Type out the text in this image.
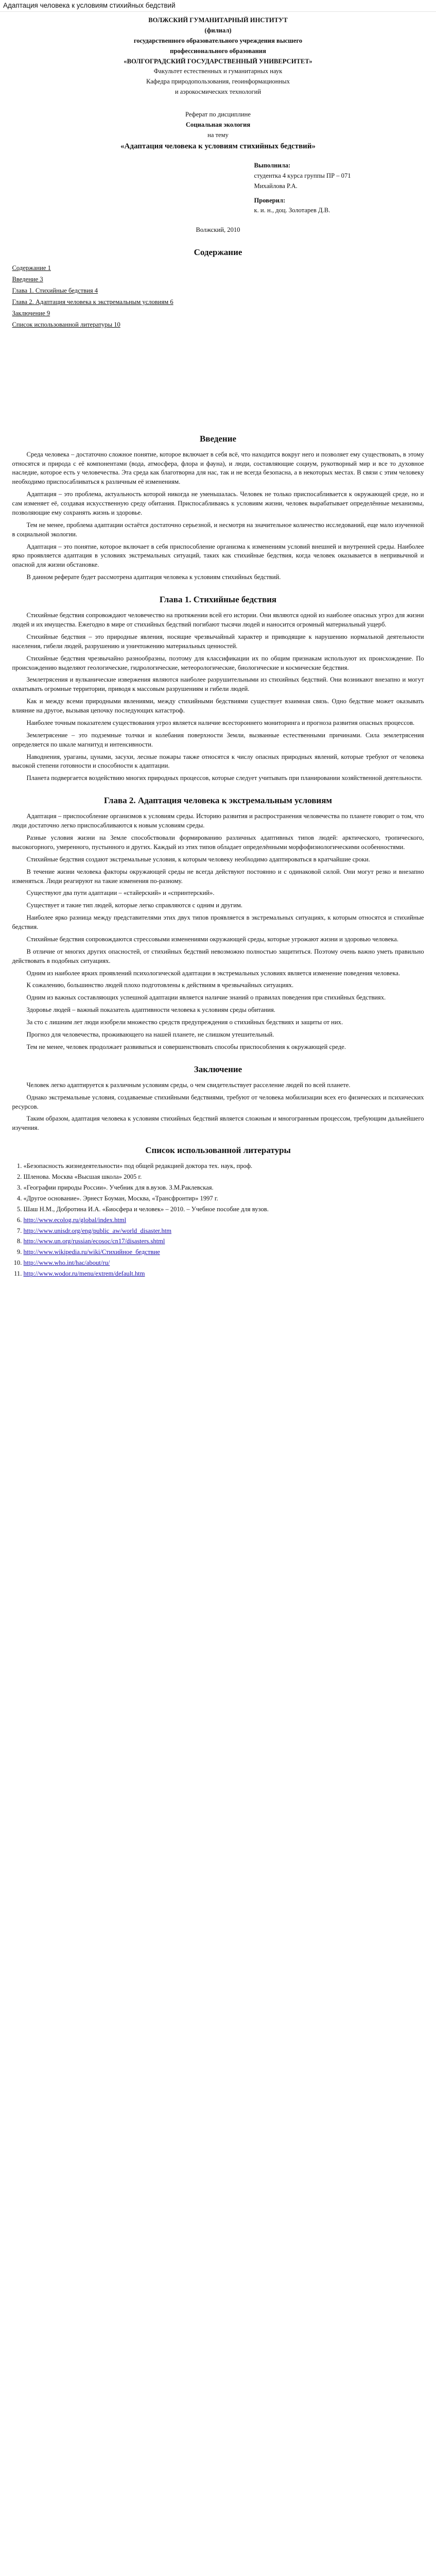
Адаптация человека к условиям стихийных бедствий

ВОЛЖСКИЙ ГУМАНИТАРНЫЙ ИНСТИТУТ

(филиал)

государственного образовательного учреждения высшего

профессионального образования

«ВОЛГОГРАДСКИЙ ГОСУДАРСТВЕННЫЙ УНИВЕРСИТЕТ»

Факультет естественных и гуманитарных наук

Кафедра природопользования, геоинформационных

и аэрокосмических технологий

Реферат по дисциплине

Социальная экология

на тему

«Адаптация человека к условиям стихийных бедствий»

Выполнила:

студентка 4 курса группы ПР – 071

Михайлова Р.А.

Проверил:

к. и. н., доц. Золотарев Д.В.

Волжский, 2010
Содержание
Содержание 1
Введение 3
Глава 1. Стихийные бедствия 4
Глава 2. Адаптация человека к экстремальным условиям 6
Заключение 9
Список использованной литературы 10
Введение

Среда человека – достаточно сложное понятие, которое включает в себя всё, что находится вокруг него и позволяет ему существовать, в этому относятся и природа с её компонентами (вода, атмосфера, флора и фауна), и люди, составляющие социум, рукотворный мир и все то духовное наследие, которое есть у человечества. Эта среда как благотворна для нас, так и не всегда безопасна, а в некоторых местах. В связи с этим человеку необходимо приспосабливаться к различным её изменениям.

Адаптация – это проблема, актуальность которой никогда не уменьшалась. Человек не только приспосабливается к окружающей среде, но и сам изменяет её, создавая искусственную среду обитания. Приспосабливаясь к условиям жизни, человек вырабатывает определённые механизмы, позволяющие ему сохранять жизнь и здоровье.

Тем не менее, проблема адаптации остаётся достаточно серьезной, и несмотря на значительное количество исследований, еще мало изученной в социальной экологии.

Адаптация – это понятие, которое включает в себя приспособление организма к изменениям условий внешней и внутренней среды. Наиболее ярко проявляется адаптация в условиях экстремальных ситуаций, таких как стихийные бедствия, когда человек оказывается в непривычной и опасной для жизни обстановке.

В данном реферате будет рассмотрена адаптация человека к условиям стихийных бедствий.

Глава 1. Стихийные бедствия

Стихийные бедствия сопровождают человечество на протяжении всей его истории. Они являются одной из наиболее опасных угроз для жизни людей и их имущества. Ежегодно в мире от стихийных бедствий погибают тысячи людей и наносится огромный материальный ущерб.

Стихийные бедствия – это природные явления, носящие чрезвычайный характер и приводящие к нарушению нормальной деятельности населения, гибели людей, разрушению и уничтожению материальных ценностей.

Стихийные бедствия чрезвычайно разнообразны, поэтому для классификации их по общим признакам используют их происхождение. По происхождению выделяют геологические, гидрологические, метеорологические, биологические и космические бедствия.

Землетрясения и вулканические извержения являются наиболее разрушительными из стихийных бедствий. Они возникают внезапно и могут охватывать огромные территории, приводя к массовым разрушениям и гибели людей.

Как и между всеми природными явлениями, между стихийными бедствиями существует взаимная связь. Одно бедствие может оказывать влияние на другое, вызывая цепочку последующих катастроф.

Наиболее точным показателем существования угроз является наличие всестороннего мониторинга и прогноза развития опасных процессов.

Землетрясение – это подземные толчки и колебания поверхности Земли, вызванные естественными причинами. Сила землетрясения определяется по шкале магнитуд и интенсивности.

Наводнения, ураганы, цунами, засухи, лесные пожары также относятся к числу опасных природных явлений, которые требуют от человека высокой степени готовности и способности к адаптации.

Планета подвергается воздействию многих природных процессов, которые следует учитывать при планировании хозяйственной деятельности.

Глава 2. Адаптация человека к экстремальным условиям

Адаптация – приспособление организмов к условиям среды. Историю развития и распространения человечества по планете говорит о том, что люди достаточно легко приспосабливаются к новым условиям среды.

Разные условия жизни на Земле способствовали формированию различных адаптивных типов людей: арктического, тропического, высокогорного, умеренного, пустынного и других. Каждый из этих типов обладает определёнными морфофизиологическими особенностями.

Стихийные бедствия создают экстремальные условия, к которым человеку необходимо адаптироваться в кратчайшие сроки.

В течение жизни человека факторы окружающей среды не всегда действуют постоянно и с одинаковой силой. Они могут резко и внезапно изменяться. Люди реагируют на такие изменения по-разному.

Существуют два пути адаптации – «стайерский» и «спринтерский».

Существует и такие тип людей, которые легко справляются с одним и другим.

Наиболее ярко разница между представителями этих двух типов проявляется в экстремальных ситуациях, к которым относятся и стихийные бедствия.

Стихийные бедствия сопровождаются стрессовыми изменениями окружающей среды, которые угрожают жизни и здоровью человека.

В отличие от многих других опасностей, от стихийных бедствий невозможно полностью защититься. Поэтому очень важно уметь правильно действовать в подобных ситуациях.

Одним из наиболее ярких проявлений психологической адаптации в экстремальных условиях является изменение поведения человека.

К сожалению, большинство людей плохо подготовлены к действиям в чрезвычайных ситуациях.

Одним из важных составляющих успешной адаптации является наличие знаний о правилах поведения при стихийных бедствиях.

Здоровье людей – важный показатель адаптивности человека к условиям среды обитания.

За сто с лишним лет люди изобрели множество средств предупреждения о стихийных бедствиях и защиты от них.

Прогноз для человечества, проживающего на нашей планете, не слишком утешительный.

Тем не менее, человек продолжает развиваться и совершенствовать способы приспособления к окружающей среде.

Заключение

Человек легко адаптируется к различным условиям среды, о чем свидетельствует расселение людей по всей планете.

Однако экстремальные условия, создаваемые стихийными бедствиями, требуют от человека мобилизации всех его физических и психических ресурсов.

Таким образом, адаптация человека к условиям стихийных бедствий является сложным и многогранным процессом, требующим дальнейшего изучения.

Список использованной литературы
1. «Безопасность жизнедеятельности» под общей редакцией доктора тех. наук, проф.
2. Шленова. Москва «Высшая школа» 2005 г.
3. «Географии природы России». Учебник для в.вузов. З.М.Раклевская.
4. «Другое основание». Эрнест Боуман, Москва, «Трансфронтир» 1997 г.
5. Шаш Н.М., Добротина И.А. «Биосфера и человек» – 2010. – Учебное пособие для вузов.
6. http://www.ecolog.ru/global/index.html
7. http://www.unisdr.org/eng/public_aw/world_disaster.htm
8. http://www.un.org/russian/ecosoc/cn17/disasters.shtml
9. http://www.wikipedia.ru/wiki/Стихийное_бедствие
10. http://www.who.int/hac/about/ru/
11. http://www.wodor.ru/menu/extrem/default.htm
